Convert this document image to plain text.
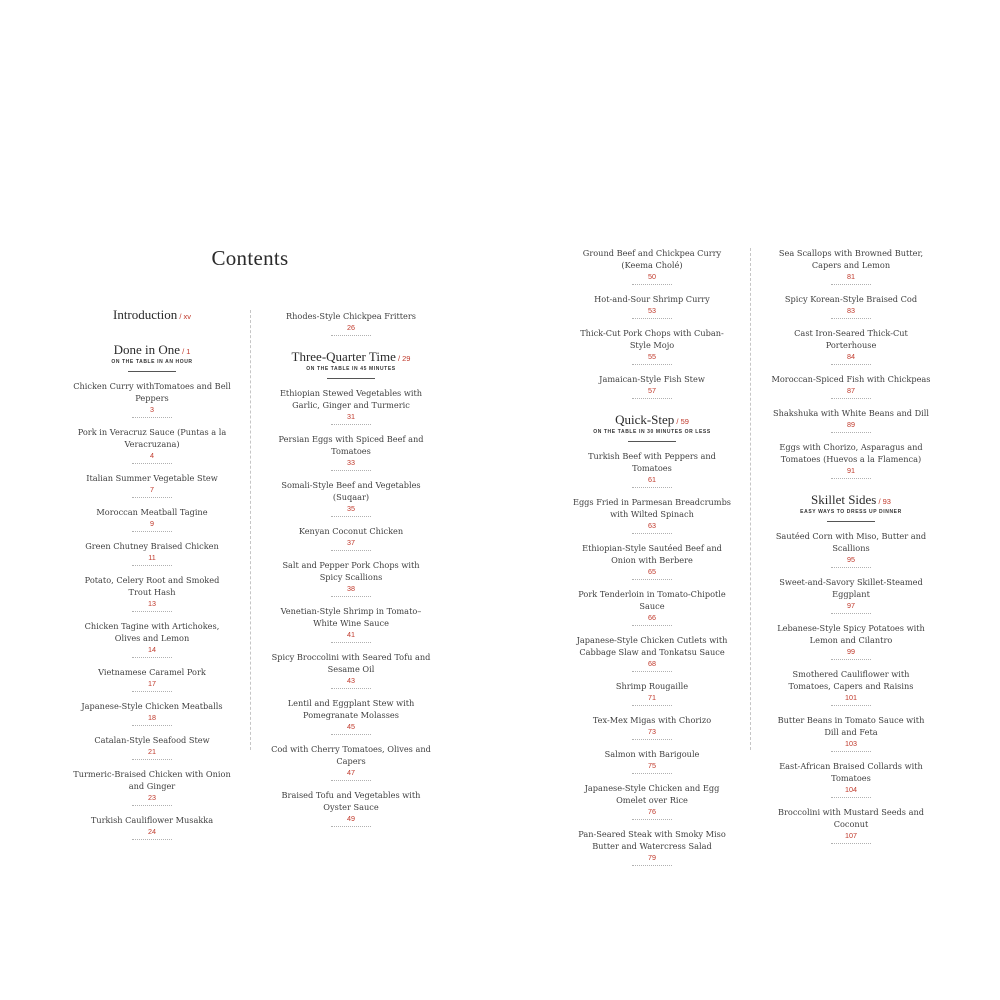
Contents
Introduction / xv
Done in One / 1
ON THE TABLE IN AN HOUR
Chicken Curry withTomatoes and Bell Peppers
3
Pork in Veracruz Sauce (Puntas a la Veracruzana)
4
Italian Summer Vegetable Stew
7
Moroccan Meatball Tagine
9
Green Chutney Braised Chicken
11
Potato, Celery Root and Smoked Trout Hash
13
Chicken Tagine with Artichokes, Olives and Lemon
14
Vietnamese Caramel Pork
17
Japanese-Style Chicken Meatballs
18
Catalan-Style Seafood Stew
21
Turmeric-Braised Chicken with Onion and Ginger
23
Turkish Cauliflower Musakka
24
Rhodes-Style Chickpea Fritters
26
Three-Quarter Time / 29
ON THE TABLE IN 45 MINUTES
Ethiopian Stewed Vegetables with Garlic, Ginger and Turmeric
31
Persian Eggs with Spiced Beef and Tomatoes
33
Somali-Style Beef and Vegetables (Suqaar)
35
Kenyan Coconut Chicken
37
Salt and Pepper Pork Chops with Spicy Scallions
38
Venetian-Style Shrimp in Tomato–White Wine Sauce
41
Spicy Broccolini with Seared Tofu and Sesame Oil
43
Lentil and Eggplant Stew with Pomegranate Molasses
45
Cod with Cherry Tomatoes, Olives and Capers
47
Braised Tofu and Vegetables with Oyster Sauce
49
Ground Beef and Chickpea Curry (Keema Cholé)
50
Hot-and-Sour Shrimp Curry
53
Thick-Cut Pork Chops with Cuban-Style Mojo
55
Jamaican-Style Fish Stew
57
Quick-Step / 59
ON THE TABLE IN 30 MINUTES OR LESS
Turkish Beef with Peppers and Tomatoes
61
Eggs Fried in Parmesan Breadcrumbs with Wilted Spinach
63
Ethiopian-Style Sautéed Beef and Onion with Berbere
65
Pork Tenderloin in Tomato-Chipotle Sauce
66
Japanese-Style Chicken Cutlets with Cabbage Slaw and Tonkatsu Sauce
68
Shrimp Rougaille
71
Tex-Mex Migas with Chorizo
73
Salmon with Barigoule
75
Japanese-Style Chicken and Egg Omelet over Rice
76
Pan-Seared Steak with Smoky Miso Butter and Watercress Salad
79
Sea Scallops with Browned Butter, Capers and Lemon
81
Spicy Korean-Style Braised Cod
83
Cast Iron-Seared Thick-Cut Porterhouse
84
Moroccan-Spiced Fish with Chickpeas
87
Shakshuka with White Beans and Dill
89
Eggs with Chorizo, Asparagus and Tomatoes (Huevos a la Flamenca)
91
Skillet Sides / 93
EASY WAYS TO DRESS UP DINNER
Sautéed Corn with Miso, Butter and Scallions
95
Sweet-and-Savory Skillet-Steamed Eggplant
97
Lebanese-Style Spicy Potatoes with Lemon and Cilantro
99
Smothered Cauliflower with Tomatoes, Capers and Raisins
101
Butter Beans in Tomato Sauce with Dill and Feta
103
East-African Braised Collards with Tomatoes
104
Broccolini with Mustard Seeds and Coconut
107
